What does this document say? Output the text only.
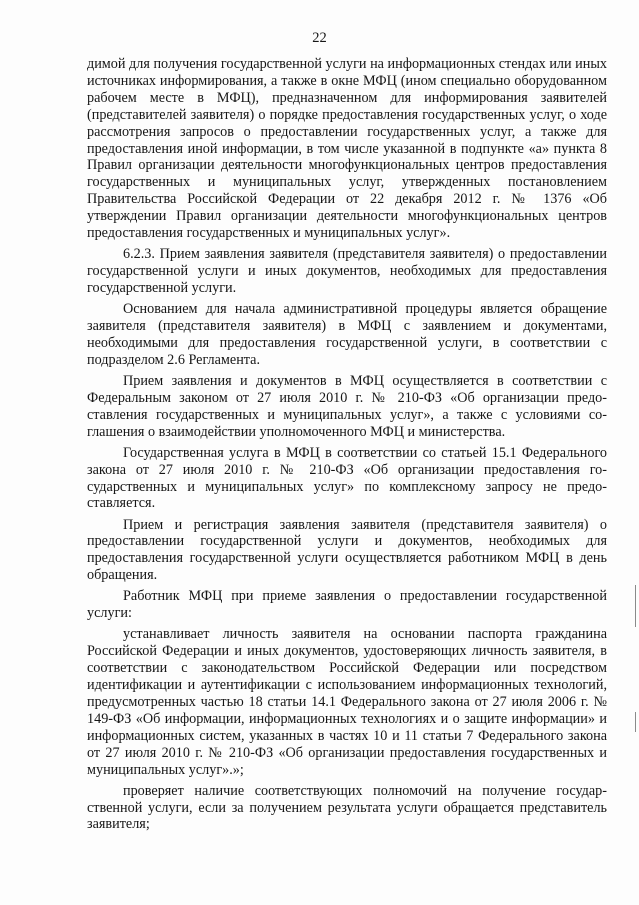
22

димой для получения государственной услуги на информационных стендах или иных источниках информирования, а также в окне МФЦ (ином специально оборудованном рабочем месте в МФЦ), предназначенном для информирования заявителей (представителей заявителя) о порядке предоставления государственных услуг, о ходе рассмотрения запросов о предоставлении государственных услуг, а также для предоставления иной информации, в том числе указанной в подпункте «а» пункта 8 Правил организации деятельности многофункциональных центров предоставления государственных и муниципальных услуг, утвержденных постановлением Правительства Российской Федерации от 22 декабря 2012 г. № 1376 «Об утверждении Правил организации деятельности многофункциональных центров предоставления государственных и муниципальных услуг».

6.2.3. Прием заявления заявителя (представителя заявителя) о предоставлении государственной услуги и иных документов, необходимых для предоставления государственной услуги.

Основанием для начала административной процедуры является обращение заявителя (представителя заявителя) в МФЦ с заявлением и документами, необходимыми для предоставления государственной услуги, в соответствии с подразделом 2.6 Регламента.

Прием заявления и документов в МФЦ осуществляется в соответствии с Федеральным законом от 27 июля 2010 г. № 210-ФЗ «Об организации предоставления государственных и муниципальных услуг», а также с условиями соглашения о взаимодействии уполномоченного МФЦ и министерства.

Государственная услуга в МФЦ в соответствии со статьей 15.1 Федерального закона от 27 июля 2010 г. № 210-ФЗ «Об организации предоставления государственных и муниципальных услуг» по комплексному запросу не предоставляется.

Прием и регистрация заявления заявителя (представителя заявителя) о предоставлении государственной услуги и документов, необходимых для предоставления государственной услуги осуществляется работником МФЦ в день обращения.

Работник МФЦ при приеме заявления о предоставлении государственной услуги:

устанавливает личность заявителя на основании паспорта гражданина Российской Федерации и иных документов, удостоверяющих личность заявителя, в соответствии с законодательством Российской Федерации или посредством идентификации и аутентификации с использованием информационных технологий, предусмотренных частью 18 статьи 14.1 Федерального закона от 27 июля 2006 г. № 149-ФЗ «Об информации, информационных технологиях и о защите информации» и информационных систем, указанных в частях 10 и 11 статьи 7 Федерального закона от 27 июля 2010 г. № 210-ФЗ «Об организации предоставления государственных и муниципальных услуг».»;

проверяет наличие соответствующих полномочий на получение государственной услуги, если за получением результата услуги обращается представитель заявителя;
